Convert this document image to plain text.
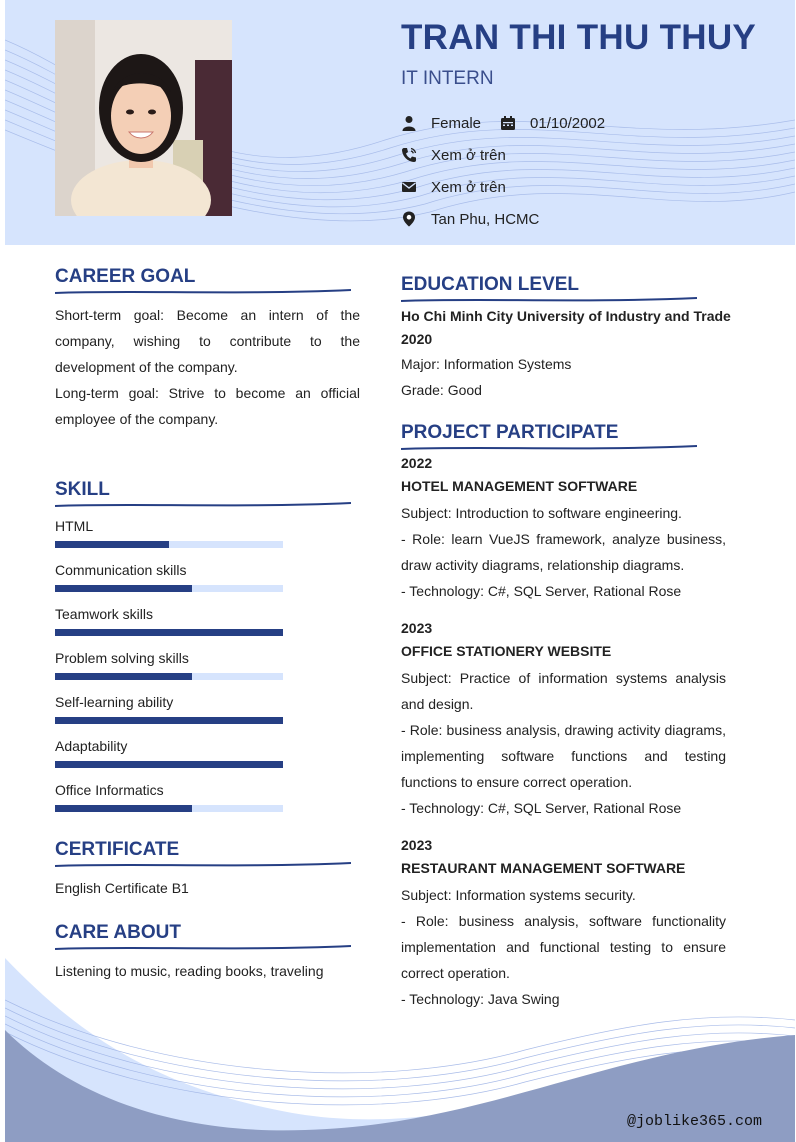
TRAN THI THU THUY
IT INTERN
Female	01/10/2002
Xem ở trên
Xem ở trên
Tan Phu, HCMC
CAREER GOAL
Short-term goal: Become an intern of the company, wishing to contribute to the development of the company.
Long-term goal: Strive to become an official employee of the company.
SKILL
HTML
Communication skills
Teamwork skills
Problem solving skills
Self-learning ability
Adaptability
Office Informatics
CERTIFICATE
English Certificate B1
CARE ABOUT
Listening to music, reading books, traveling
EDUCATION LEVEL
Ho Chi Minh City University of Industry and Trade
2020
Major: Information Systems
Grade: Good
PROJECT PARTICIPATE
2022
HOTEL MANAGEMENT SOFTWARE
Subject: Introduction to software engineering.
- Role: learn VueJS framework, analyze business, draw activity diagrams, relationship diagrams.
- Technology: C#, SQL Server, Rational Rose
2023
OFFICE STATIONERY WEBSITE
Subject: Practice of information systems analysis and design.
- Role: business analysis, drawing activity diagrams, implementing software functions and testing functions to ensure correct operation.
- Technology: C#, SQL Server, Rational Rose
2023
RESTAURANT MANAGEMENT SOFTWARE
Subject: Information systems security.
- Role: business analysis, software functionality implementation and functional testing to ensure correct operation.
- Technology: Java Swing
@joblike365.com
